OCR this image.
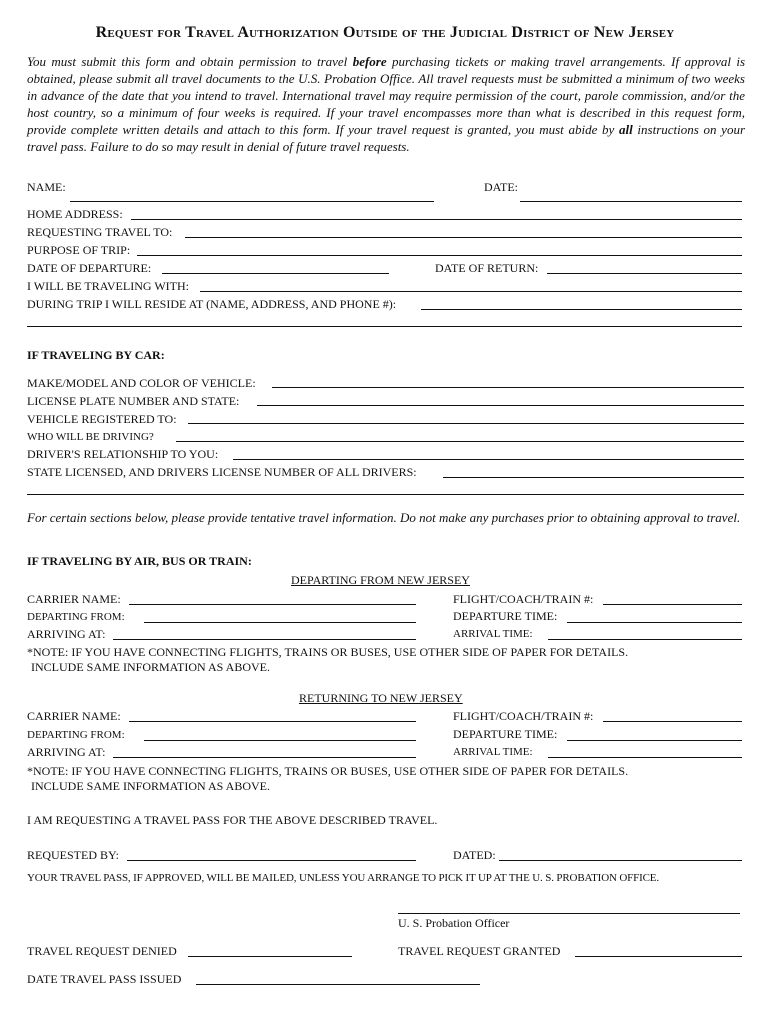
Request for Travel Authorization Outside of the Judicial District of New Jersey
You must submit this form and obtain permission to travel before purchasing tickets or making travel arrangements. If approval is obtained, please submit all travel documents to the U.S. Probation Office. All travel requests must be submitted a minimum of two weeks in advance of the date that you intend to travel. International travel may require permission of the court, parole commission, and/or the host country, so a minimum of four weeks is required. If your travel encompasses more than what is described in this request form, provide complete written details and attach to this form. If your travel request is granted, you must abide by all instructions on your travel pass. Failure to do so may result in denial of future travel requests.
NAME:	DATE:
HOME ADDRESS:
REQUESTING TRAVEL TO:
PURPOSE OF TRIP:
DATE OF DEPARTURE:	DATE OF RETURN:
I WILL BE TRAVELING WITH:
DURING TRIP I WILL RESIDE AT (NAME, ADDRESS, AND PHONE #):
IF TRAVELING BY CAR:
MAKE/MODEL AND COLOR OF VEHICLE:
LICENSE PLATE NUMBER AND STATE:
VEHICLE REGISTERED TO:
WHO WILL BE DRIVING?
DRIVER'S RELATIONSHIP TO YOU:
STATE LICENSED, AND DRIVERS LICENSE NUMBER OF ALL DRIVERS:
For certain sections below, please provide tentative travel information. Do not make any purchases prior to obtaining approval to travel.
IF TRAVELING BY AIR, BUS OR TRAIN:
DEPARTING FROM NEW JERSEY
CARRIER NAME:	FLIGHT/COACH/TRAIN #:
DEPARTING FROM:	DEPARTURE TIME:
ARRIVING AT:	ARRIVAL TIME:
*NOTE: IF YOU HAVE CONNECTING FLIGHTS, TRAINS OR BUSES, USE OTHER SIDE OF PAPER FOR DETAILS.
INCLUDE SAME INFORMATION AS ABOVE.
RETURNING TO NEW JERSEY
CARRIER NAME:	FLIGHT/COACH/TRAIN #:
DEPARTING FROM:	DEPARTURE TIME:
ARRIVING AT:	ARRIVAL TIME:
*NOTE: IF YOU HAVE CONNECTING FLIGHTS, TRAINS OR BUSES, USE OTHER SIDE OF PAPER FOR DETAILS.
INCLUDE SAME INFORMATION AS ABOVE.
I AM REQUESTING A TRAVEL PASS FOR THE ABOVE DESCRIBED TRAVEL.
REQUESTED BY:	DATED:
YOUR TRAVEL PASS, IF APPROVED, WILL BE MAILED, UNLESS YOU ARRANGE TO PICK IT UP AT THE U. S. PROBATION OFFICE.
U. S. Probation Officer
TRAVEL REQUEST DENIED	TRAVEL REQUEST GRANTED
DATE TRAVEL PASS ISSUED
